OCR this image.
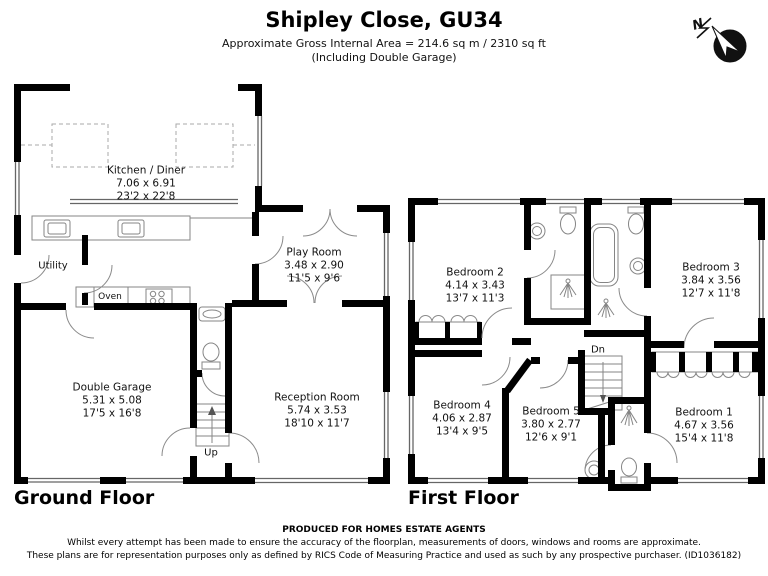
N
Shipley Close, GU34
Approximate Gross Internal Area = 214.6 sq m / 2310 sq ft
(Including Double Garage)
Kitchen / Diner
7.06 x 6.91
23'2 x 22'8
Play Room
3.48 x 2.90
11'5 x 9'6
Reception Room
5.74 x 3.53
18'10 x 11'7
Double Garage
5.31 x 5.08
17'5 x 16'8
Utility
Oven
Up
Ground Floor
Bedroom 2
4.14 x 3.43
13'7 x 11'3
Bedroom 3
3.84 x 3.56
12'7 x 11'8
Bedroom 4
4.06 x 2.87
13'4 x 9'5
Bedroom 5
3.80 x 2.77
12'6 x 9'1
Bedroom 1
4.67 x 3.56
15'4 x 11'8
Dn
First Floor
PRODUCED FOR HOMES ESTATE AGENTS
Whilst every attempt has been made to ensure the accuracy of the floorplan, measurements of doors, windows and rooms are approximate.
These plans are for representation purposes only as defined by RICS Code of Measuring Practice and used as such by any prospective purchaser. (ID1036182)
